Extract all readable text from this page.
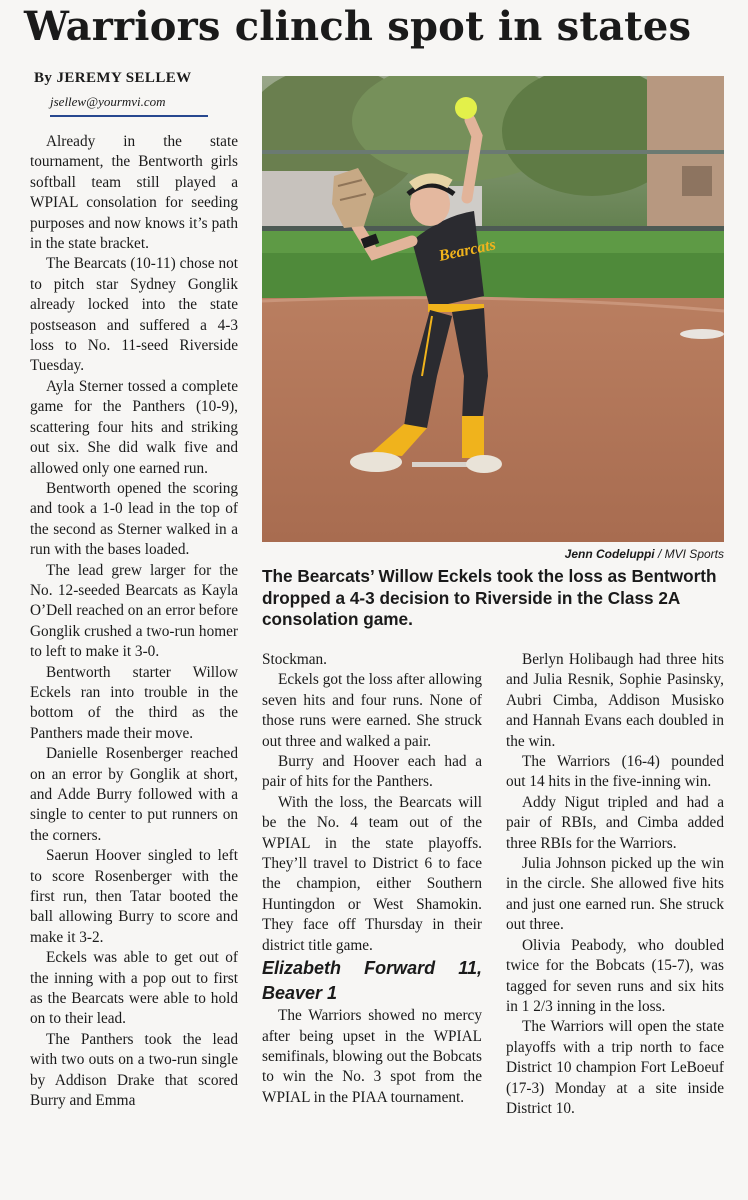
Warriors clinch spot in states
By JEREMY SELLEW
jsellew@yourmvi.com

Already in the state tournament, the Bentworth girls softball team still played a WPIAL consolation for seeding purposes and now knows it’s path in the state bracket.

The Bearcats (10-11) chose not to pitch star Sydney Gonglik already locked into the state postseason and suffered a 4-3 loss to No. 11-seed Riverside Tuesday.

Ayla Sterner tossed a complete game for the Panthers (10-9), scattering four hits and striking out six. She did walk five and allowed only one earned run.

Bentworth opened the scoring and took a 1-0 lead in the top of the second as Sterner walked in a run with the bases loaded.

The lead grew larger for the No. 12-seeded Bearcats as Kayla O’Dell reached on an error before Gonglik crushed a two-run homer to left to make it 3-0.

Bentworth starter Willow Eckels ran into trouble in the bottom of the third as the Panthers made their move.

Danielle Rosenberger reached on an error by Gonglik at short, and Adde Burry followed with a single to center to put runners on the corners.

Saerun Hoover singled to left to score Rosenberger with the first run, then Tatar booted the ball allowing Burry to score and make it 3-2.

Eckels was able to get out of the inning with a pop out to first as the Bearcats were able to hold on to their lead.

The Panthers took the lead with two outs on a two-run single by Addison Drake that scored Burry and Emma

Bearcats
Jenn Codeluppi / MVI Sports
The Bearcats’ Willow Eckels took the loss as Bentworth dropped a 4-3 decision to Riverside in the Class 2A consolation game.

Stockman.

Eckels got the loss after allowing seven hits and four runs. None of those runs were earned. She struck out three and walked a pair.

Burry and Hoover each had a pair of hits for the Panthers.

With the loss, the Bearcats will be the No. 4 team out of the WPIAL in the state playoffs. They’ll travel to District 6 to face the champion, either Southern Huntingdon or West Shamokin. They face off Thursday in their district title game.

Elizabeth Forward 11, Beaver 1

The Warriors showed no mercy after being upset in the WPIAL semifinals, blowing out the Bobcats to win the No. 3 spot from the WPIAL in the PIAA tournament.

Berlyn Holibaugh had three hits and Julia Resnik, Sophie Pasinsky, Aubri Cimba, Addison Musisko and Hannah Evans each doubled in the win.

The Warriors (16-4) pounded out 14 hits in the five-inning win.

Addy Nigut tripled and had a pair of RBIs, and Cimba added three RBIs for the Warriors.

Julia Johnson picked up the win in the circle. She allowed five hits and just one earned run. She struck out three.

Olivia Peabody, who doubled twice for the Bobcats (15-7), was tagged for seven runs and six hits in 1 2/3 inning in the loss.

The Warriors will open the state playoffs with a trip north to face District 10 champion Fort LeBoeuf (17-3) Monday at a site inside District 10.
